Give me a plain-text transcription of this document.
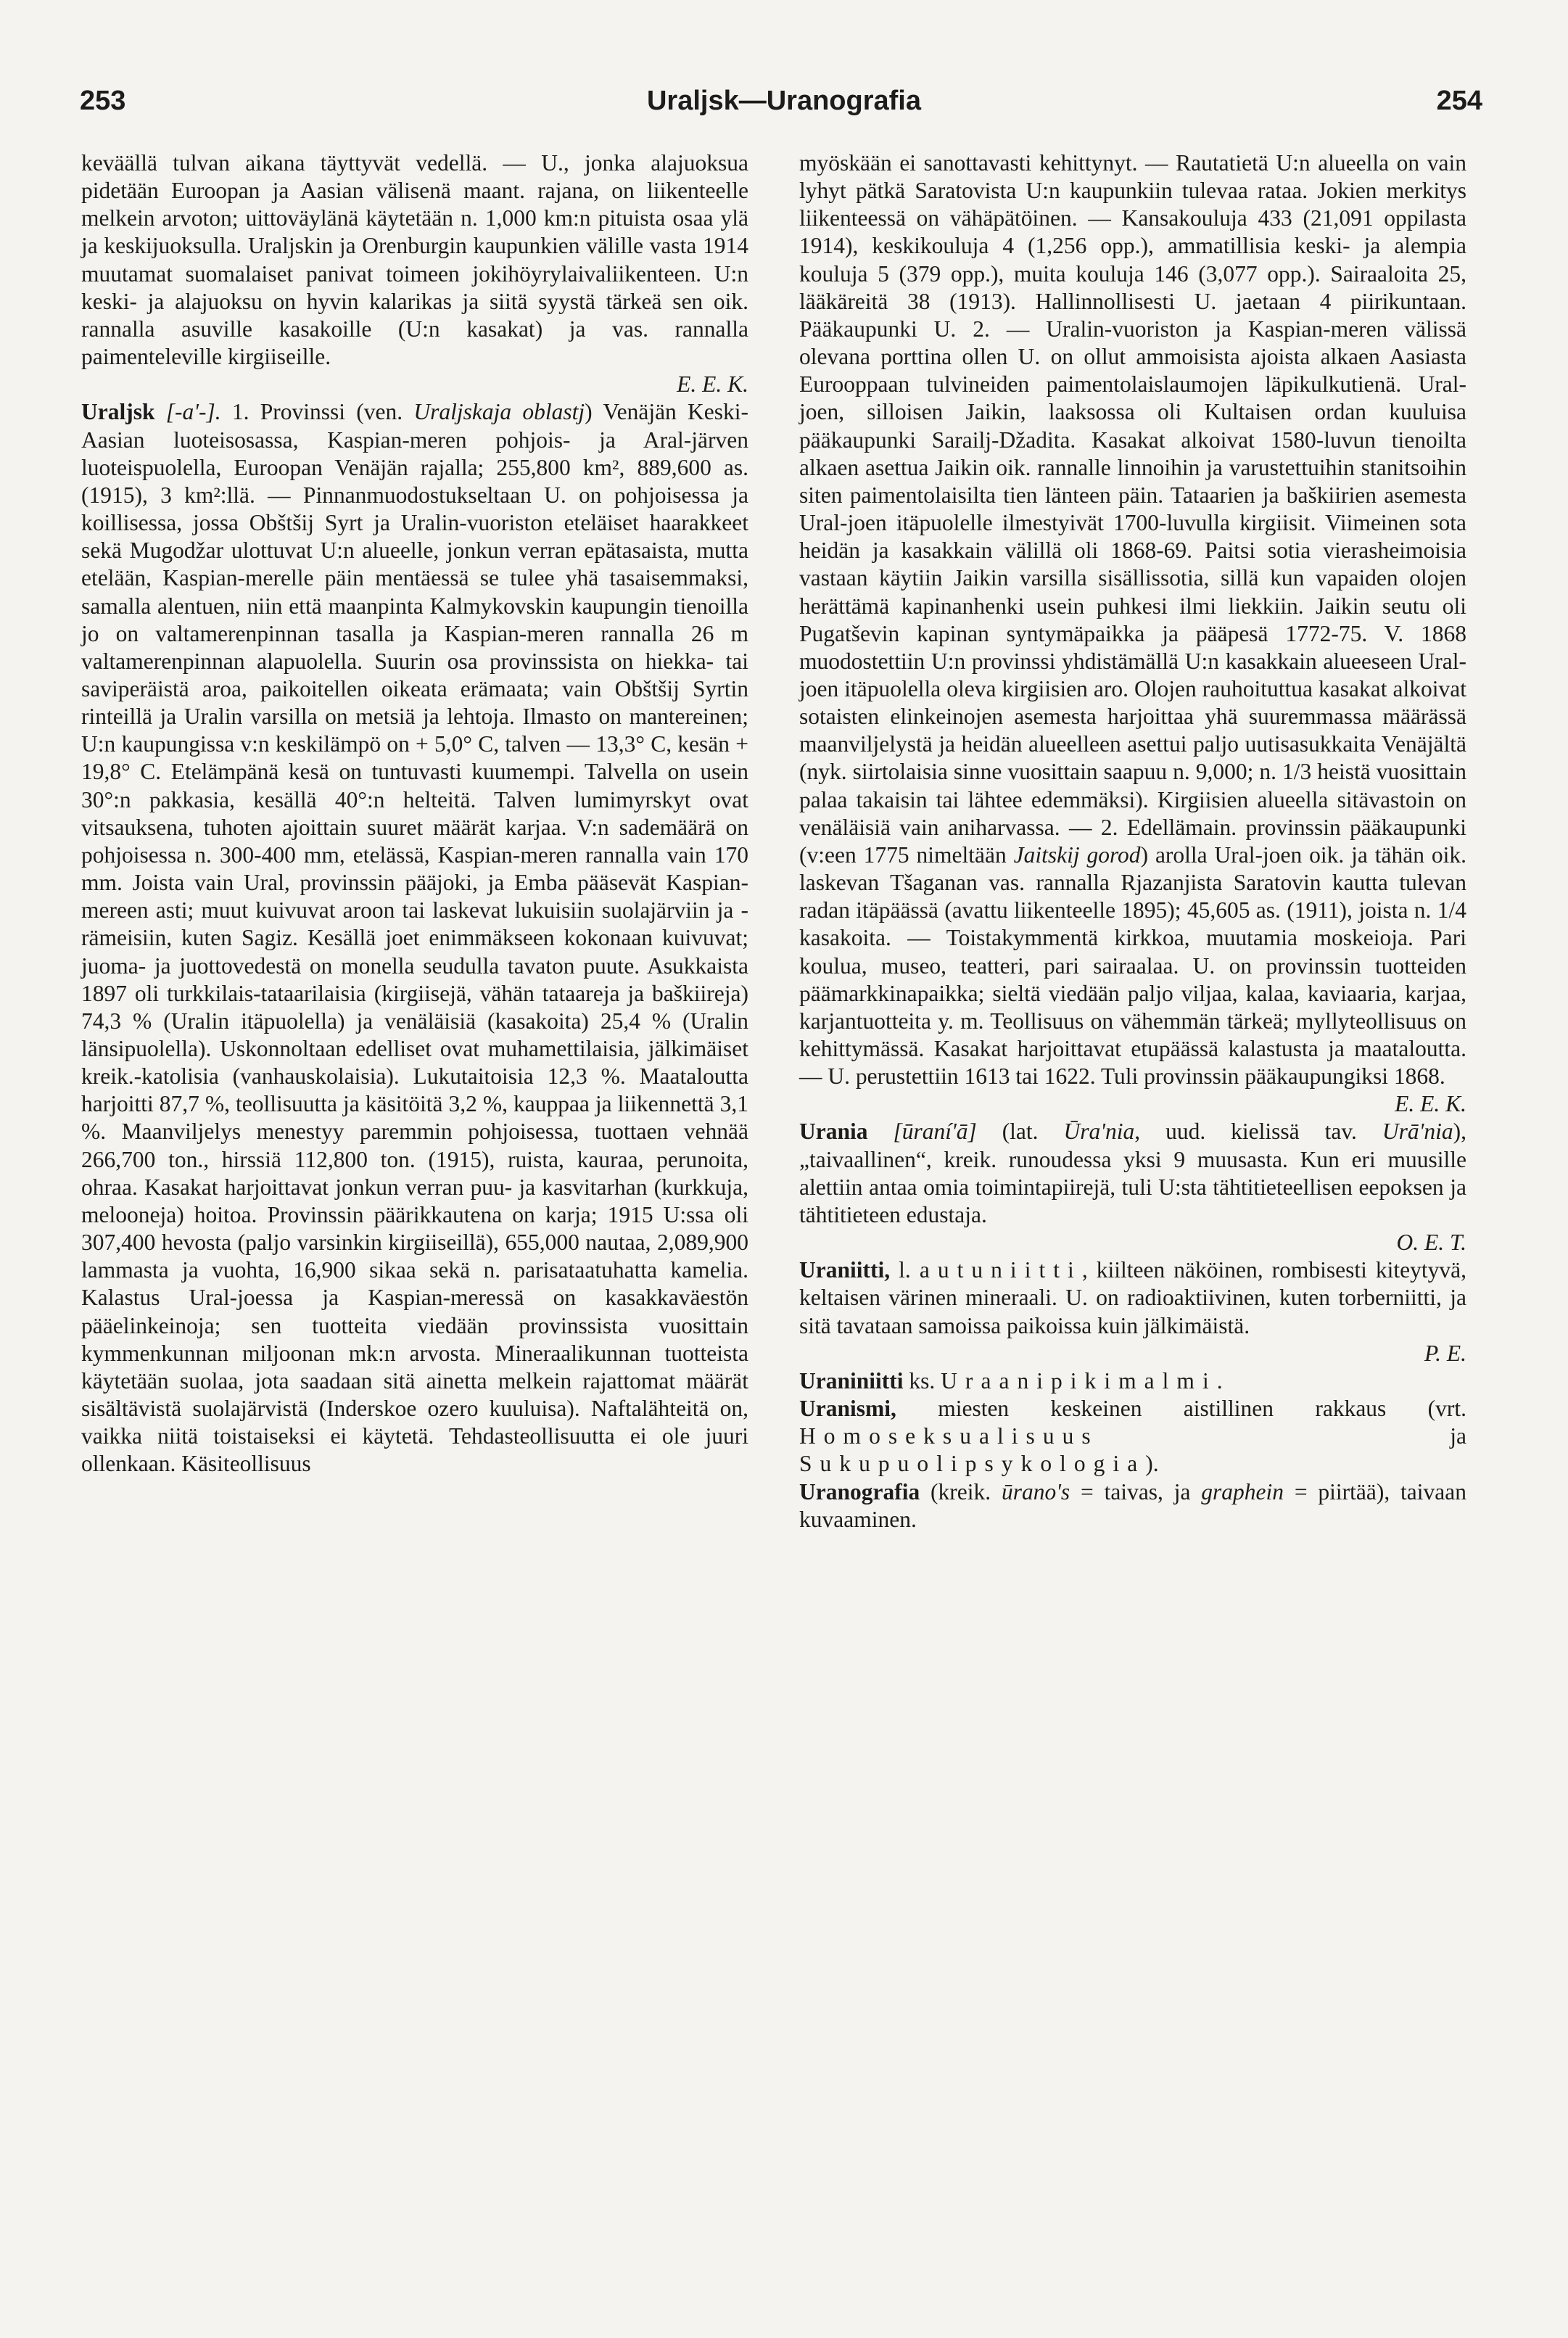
253	Uraljsk—Uranografia	254

keväällä tulvan aikana täyttyvät vedellä. — U., jonka alajuoksua pidetään Euroopan ja Aasian välisenä maant. rajana, on liikenteelle melkein arvoton; uittoväylänä käytetään n. 1,000 km:n pituista osaa ylä ja keskijuoksulla. Uraljskin ja Orenburgin kaupunkien välille vasta 1914 muutamat suomalaiset panivat toimeen jokihöyrylaivaliikenteen. U:n keski- ja alajuoksu on hyvin kalarikas ja siitä syystä tärkeä sen oik. rannalla asuville kasakoille (U:n kasakat) ja vas. rannalla paimenteleville kirgiiseille.

E. E. K.

Uraljsk [-a'-]. 1. Provinssi (ven. Uraljskaja oblastj) Venäjän Keski-Aasian luoteisosassa, Kaspian-meren pohjois- ja Aral-järven luoteispuolella, Euroopan Venäjän rajalla; 255,800 km², 889,600 as. (1915), 3 km²:llä. — Pinnanmuodostukseltaan U. on pohjoisessa ja koillisessa, jossa Obštšij Syrt ja Uralin-vuoriston eteläiset haarakkeet sekä Mugodžar ulottuvat U:n alueelle, jonkun verran epätasaista, mutta etelään, Kaspian-merelle päin mentäessä se tulee yhä tasaisemmaksi, samalla alentuen, niin että maanpinta Kalmykovskin kaupungin tienoilla jo on valtamerenpinnan tasalla ja Kaspian-meren rannalla 26 m valtamerenpinnan alapuolella. Suurin osa provinssista on hiekka- tai saviperäistä aroa, paikoitellen oikeata erämaata; vain Obštšij Syrtin rinteillä ja Uralin varsilla on metsiä ja lehtoja. Ilmasto on mantereinen; U:n kaupungissa v:n keskilämpö on + 5,0° C, talven — 13,3° C, kesän + 19,8° C. Etelämpänä kesä on tuntuvasti kuumempi. Talvella on usein 30°:n pakkasia, kesällä 40°:n helteitä. Talven lumimyrskyt ovat vitsauksena, tuhoten ajoittain suuret määrät karjaa. V:n sademäärä on pohjoisessa n. 300-400 mm, etelässä, Kaspian-meren rannalla vain 170 mm. Joista vain Ural, provinssin pääjoki, ja Emba pääsevät Kaspian-mereen asti; muut kuivuvat aroon tai laskevat lukuisiin suolajärviin ja -rämeisiin, kuten Sagiz. Kesällä joet enimmäkseen kokonaan kuivuvat; juoma- ja juottovedestä on monella seudulla tavaton puute. Asukkaista 1897 oli turkkilais-tataarilaisia (kirgiisejä, vähän tataareja ja baškiireja) 74,3 % (Uralin itäpuolella) ja venäläisiä (kasakoita) 25,4 % (Uralin länsipuolella). Uskonnoltaan edelliset ovat muhamettilaisia, jälkimäiset kreik.-katolisia (vanhauskolaisia). Lukutaitoisia 12,3 %. Maataloutta harjoitti 87,7 %, teollisuutta ja käsitöitä 3,2 %, kauppaa ja liikennettä 3,1 %. Maanviljelys menestyy paremmin pohjoisessa, tuottaen vehnää 266,700 ton., hirssiä 112,800 ton. (1915), ruista, kauraa, perunoita, ohraa. Kasakat harjoittavat jonkun verran puu- ja kasvitarhan (kurkkuja, melooneja) hoitoa. Provinssin päärikkautena on karja; 1915 U:ssa oli 307,400 hevosta (paljo varsinkin kirgiiseillä), 655,000 nautaa, 2,089,900 lammasta ja vuohta, 16,900 sikaa sekä n. parisataatuhatta kamelia. Kalastus Ural-joessa ja Kaspian-meressä on kasakkaväestön pääelinkeinoja; sen tuotteita viedään provinssista vuosittain kymmenkunnan miljoonan mk:n arvosta. Mineraalikunnan tuotteista käytetään suolaa, jota saadaan sitä ainetta melkein rajattomat määrät sisältävistä suolajärvistä (Inderskoe ozero kuuluisa). Naftalähteitä on, vaikka niitä toistaiseksi ei käytetä. Tehdasteollisuutta ei ole juuri ollenkaan. Käsiteollisuus

myöskään ei sanottavasti kehittynyt. — Rautatietä U:n alueella on vain lyhyt pätkä Saratovista U:n kaupunkiin tulevaa rataa. Jokien merkitys liikenteessä on vähäpätöinen. — Kansakouluja 433 (21,091 oppilasta 1914), keskikouluja 4 (1,256 opp.), ammatillisia keski- ja alempia kouluja 5 (379 opp.), muita kouluja 146 (3,077 opp.). Sairaaloita 25, lääkäreitä 38 (1913). Hallinnollisesti U. jaetaan 4 piirikuntaan. Pääkaupunki U. 2. — Uralin-vuoriston ja Kaspian-meren välissä olevana porttina ollen U. on ollut ammoisista ajoista alkaen Aasiasta Eurooppaan tulvineiden paimentolaislaumojen läpikulkutienä. Ural-joen, silloisen Jaikin, laaksossa oli Kultaisen ordan kuuluisa pääkaupunki Sarailj-Džadita. Kasakat alkoivat 1580-luvun tienoilta alkaen asettua Jaikin oik. rannalle linnoihin ja varustettuihin stanitsoihin siten paimentolaisilta tien länteen päin. Tataarien ja baškiirien asemesta Ural-joen itäpuolelle ilmestyivät 1700-luvulla kirgiisit. Viimeinen sota heidän ja kasakkain välillä oli 1868-69. Paitsi sotia vierasheimoisia vastaan käytiin Jaikin varsilla sisällissotia, sillä kun vapaiden olojen herättämä kapinanhenki usein puhkesi ilmi liekkiin. Jaikin seutu oli Pugatševin kapinan syntymäpaikka ja pääpesä 1772-75. V. 1868 muodostettiin U:n provinssi yhdistämällä U:n kasakkain alueeseen Ural-joen itäpuolella oleva kirgiisien aro. Olojen rauhoituttua kasakat alkoivat sotaisten elinkeinojen asemesta harjoittaa yhä suuremmassa määrässä maanviljelystä ja heidän alueelleen asettui paljo uutisasukkaita Venäjältä (nyk. siirtolaisia sinne vuosittain saapuu n. 9,000; n. 1/3 heistä vuosittain palaa takaisin tai lähtee edemmäksi). Kirgiisien alueella sitävastoin on venäläisiä vain aniharvassa. — 2. Edellämain. provinssin pääkaupunki (v:een 1775 nimeltään Jaitskij gorod) arolla Ural-joen oik. ja tähän oik. laskevan Tšaganan vas. rannalla Rjazanjista Saratovin kautta tulevan radan itäpäässä (avattu liikenteelle 1895); 45,605 as. (1911), joista n. 1/4 kasakoita. — Toistakymmentä kirkkoa, muutamia moskeioja. Pari koulua, museo, teatteri, pari sairaalaa. U. on provinssin tuotteiden päämarkkinapaikka; sieltä viedään paljo viljaa, kalaa, kaviaaria, karjaa, karjantuotteita y. m. Teollisuus on vähemmän tärkeä; myllyteollisuus on kehittymässä. Kasakat harjoittavat etupäässä kalastusta ja maataloutta. — U. perustettiin 1613 tai 1622. Tuli provinssin pääkaupungiksi 1868.

E. E. K.

Urania [ūraní'ā] (lat. Ūra'nia, uud. kielissä tav. Urā'nia), „taivaallinen“, kreik. runoudessa yksi 9 muusasta. Kun eri muusille alettiin antaa omia toimintapiirejä, tuli U:sta tähtitieteellisen eepoksen ja tähtitieteen edustaja.

O. E. T.

Uraniitti, l. autuniitti, kiilteen näköinen, rombisesti kiteytyvä, keltaisen värinen mineraali. U. on radioaktiivinen, kuten torberniitti, ja sitä tavataan samoissa paikoissa kuin jälkimäistä.

P. E.

Uraniniitti ks. Uraanipikimalmi.

Uranismi, miesten keskeinen aistillinen rakkaus (vrt. Homoseksualisuus ja Sukupuolipsykologia).

Uranografia (kreik. ūrano's = taivas, ja graphein = piirtää), taivaan kuvaaminen.
